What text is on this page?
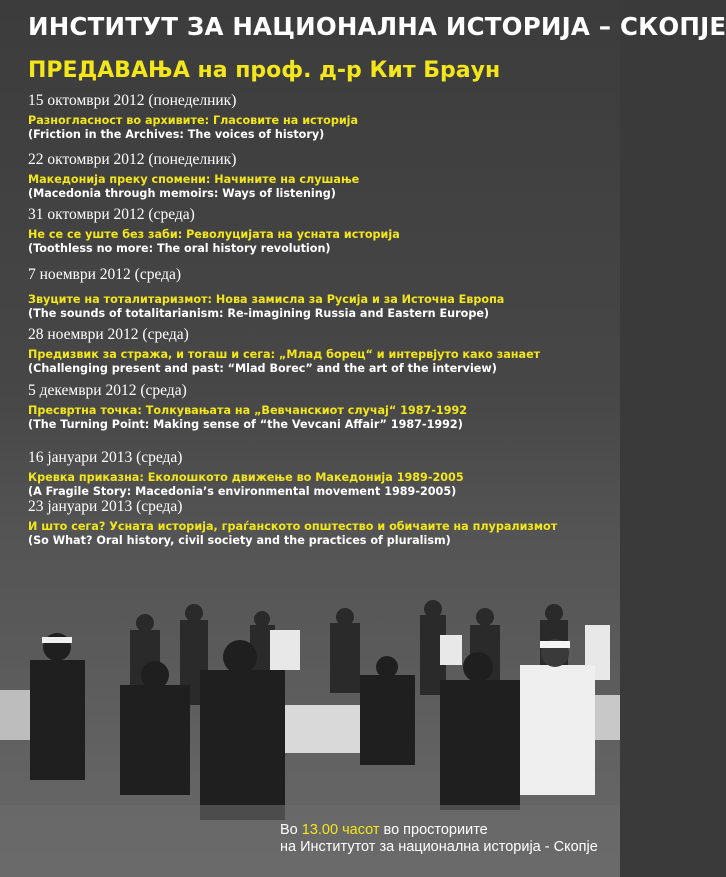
ИНСТИТУТ ЗА НАЦИОНАЛНА ИСТОРИЈА – СКОПЈЕ
ПРЕДАВАЊА на проф. д-р Кит Браун
15 октомври 2012 (понеделник)
Разногласност во архивите: Гласовите на историја
(Friction in the Archives: The voices of history)
22 октомври 2012 (понеделник)
Македонија преку спомени: Начините на слушање
(Macedonia through memoirs: Ways of listening)
31 октомври 2012 (среда)
Не се се уште без заби: Револуцијата на усната историја
(Toothless no more: The oral history revolution)
7 ноември 2012 (среда)
Звуците на тоталитаризмот: Нова замисла за Русија и за Источна Европа
(The sounds of totalitarianism: Re-imagining Russia and Eastern Europe)
28 ноември 2012 (среда)
Предизвик за стража, и тогаш и сега: „Млад борец“ и интервјуто како занает
(Challenging present and past: “Mlad Borec” and the art of the interview)
5 декември 2012 (среда)
Пресвртна точка: Толкувањата на „Вевчанскиот случај“ 1987-1992
(The Turning Point: Making sense of “the Vevcani Affair” 1987-1992)
16 јануари 2013 (среда)
Кревка приказна: Еколошкото движење во Македонија 1989-2005
(A Fragile Story: Macedonia’s environmental movement 1989-2005)
23 јануари 2013 (среда)
И што сега? Усната историја, граѓанското општество и обичаите на плурализмот
(So What? Oral history, civil society and the practices of pluralism)
Во 13.00 часот во просториите
на Институтот за национална историја - Скопје
